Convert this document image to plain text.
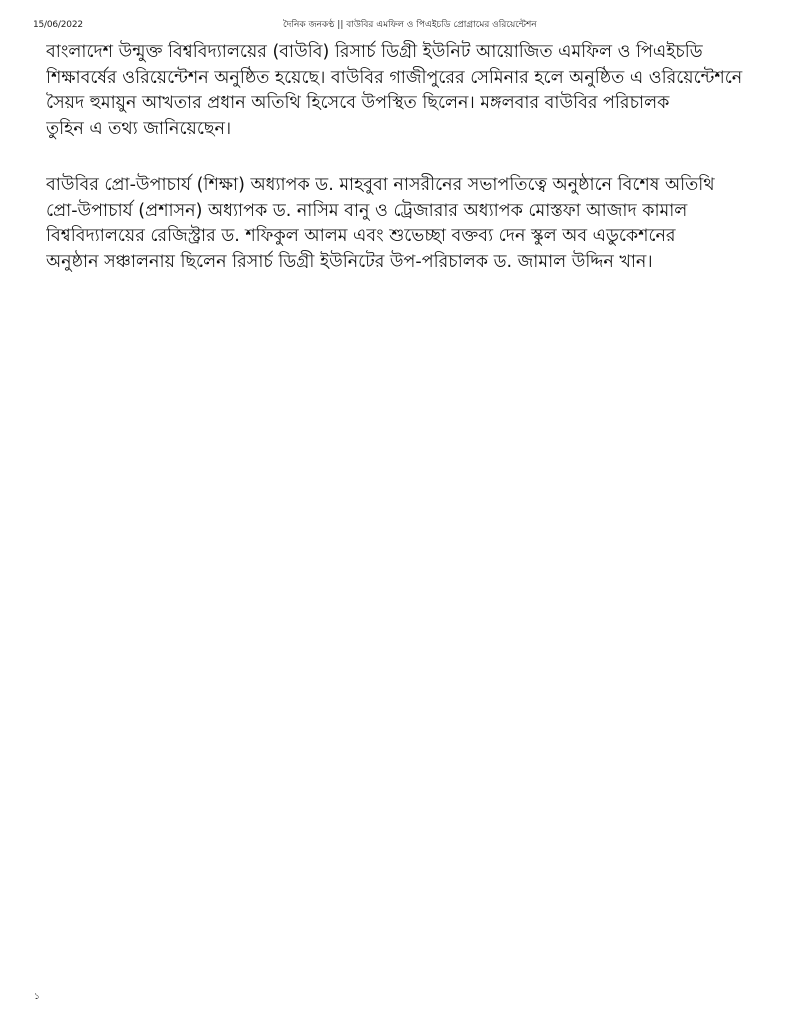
15/06/2022	দৈনিক জনকণ্ঠ || বাউবির এমফিল ও পিএইচডি প্রোগ্রামের ওরিয়েন্টেশন

বাংলাদেশ উন্মুক্ত বিশ্ববিদ্যালয়ের (বাউবি) রিসার্চ ডিগ্রী ইউনিট আয়োজিত এমফিল ও পিএইচডি
শিক্ষাবর্ষের ওরিয়েন্টেশন অনুষ্ঠিত হয়েছে। বাউবির গাজীপুরের সেমিনার হলে অনুষ্ঠিত এ ওরিয়েন্টেশনে
সৈয়দ হুমায়ুন আখতার প্রধান অতিথি হিসেবে উপস্থিত ছিলেন। মঙ্গলবার বাউবির পরিচালক
তুহিন এ তথ্য জানিয়েছেন।

বাউবির প্রো-উপাচার্য (শিক্ষা) অধ্যাপক ড. মাহবুবা নাসরীনের সভাপতিত্বে অনুষ্ঠানে বিশেষ অতিথি
প্রো-উপাচার্য (প্রশাসন) অধ্যাপক ড. নাসিম বানু ও ট্রেজারার অধ্যাপক মোস্তফা আজাদ কামাল
বিশ্ববিদ্যালয়ের রেজিস্ট্রার ড. শফিকুল আলম এবং শুভেচ্ছা বক্তব্য দেন স্কুল অব এডুকেশনের
অনুষ্ঠান সঞ্চালনায় ছিলেন রিসার্চ ডিগ্রী ইউনিটের উপ-পরিচালক ড. জামাল উদ্দিন খান।

১
